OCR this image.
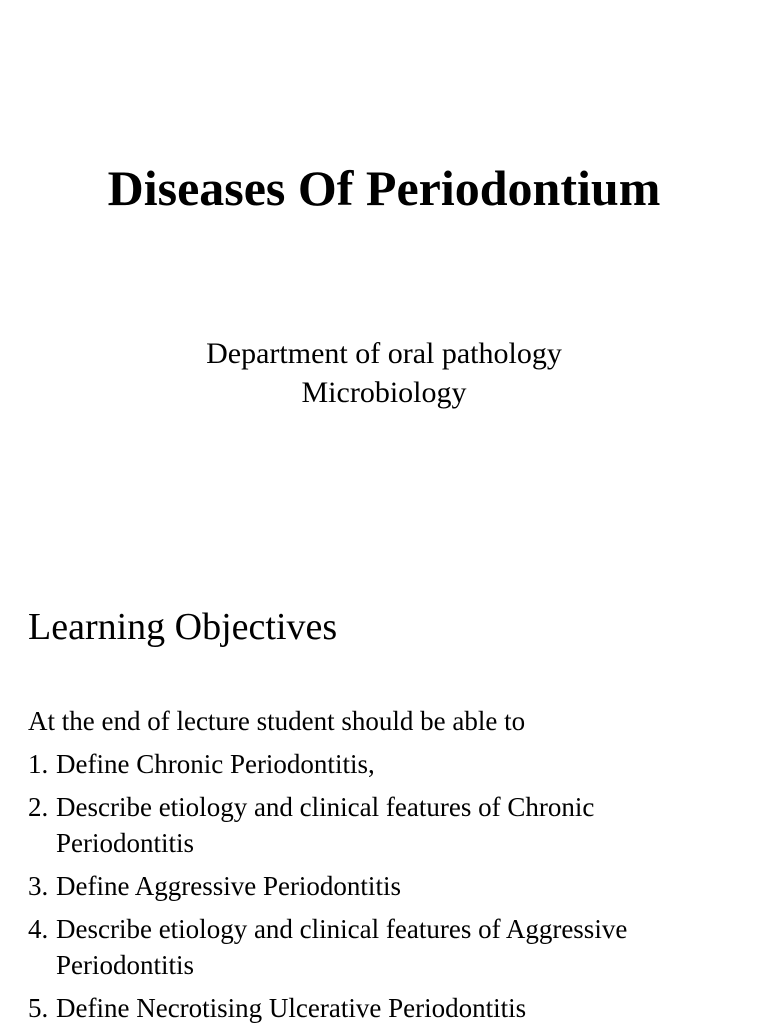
Diseases Of Periodontium
Department of oral pathology
Microbiology
Learning Objectives
At the end of lecture student should be able to
1. Define Chronic Periodontitis,
2. Describe etiology and clinical features of Chronic Periodontitis
3. Define Aggressive Periodontitis
4. Describe etiology and clinical features of Aggressive Periodontitis
5. Define Necrotising Ulcerative Periodontitis
